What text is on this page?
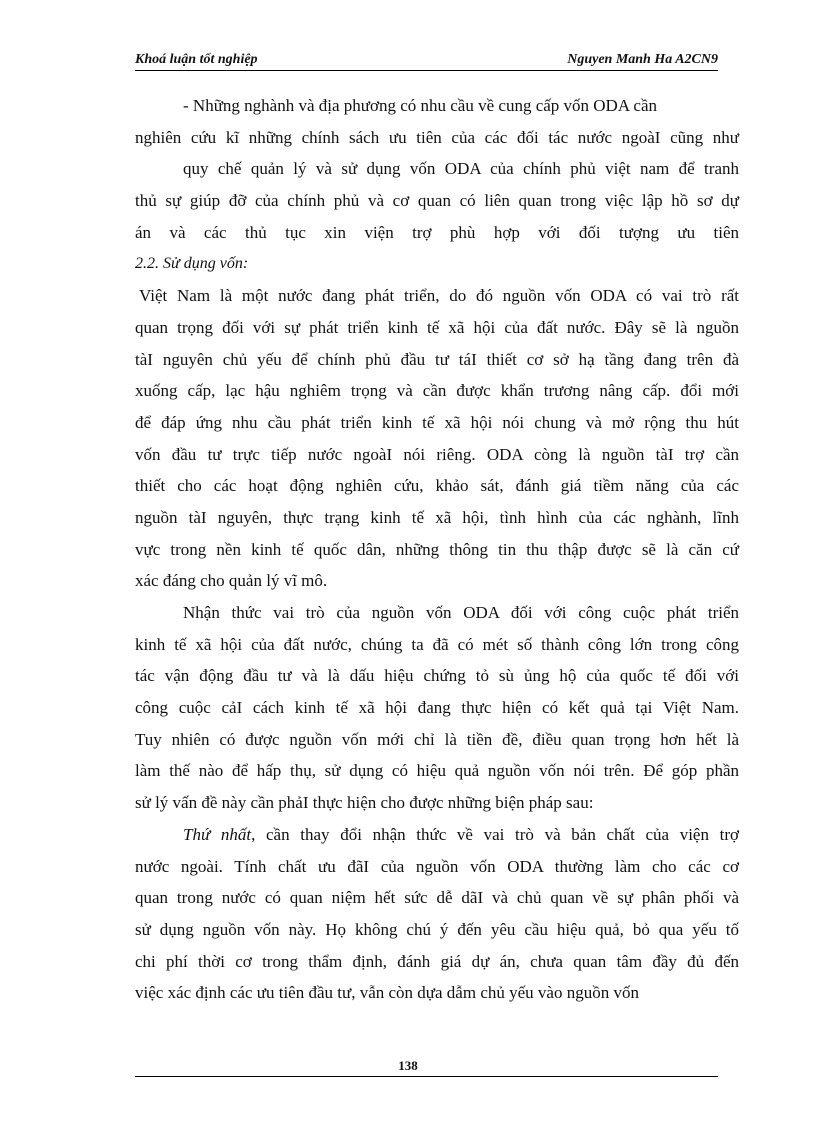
Khoá luận tốt nghiệp	Nguyen Manh Ha A2CN9
- Những nghành và địa phương có nhu cầu về cung cấp vốn ODA cần
nghiên cứu kĩ những chính sách ưu tiên của các đối tác nước ngoàI cũng như
quy chế quản lý và sử dụng vốn ODA của chính phủ việt nam để tranh
thủ sự giúp đỡ của chính phủ và cơ quan có liên quan trong việc lập hồ sơ dự
án và các thủ tục xin viện trợ phù hợp với đối tượng ưu tiên
2.2. Sử dụng vốn:
Việt Nam là một nước đang phát triển, do đó nguồn vốn ODA có vai trò rất
quan trọng đối với sự phát triển kinh tế xã hội của đất nước. Đây sẽ là nguồn
tàI nguyên chủ yếu để chính phủ đầu tư táI thiết cơ sở hạ tầng đang trên đà
xuống cấp, lạc hậu nghiêm trọng và cần được khẩn trương nâng cấp. đổi mới
để đáp ứng nhu cầu phát triển kinh tế xã hội nói chung và mở rộng thu hút
vốn đầu tư trực tiếp nước ngoàI nói riêng. ODA còng là nguồn tàI trợ cần
thiết cho các hoạt động nghiên cứu, khảo sát, đánh giá tiềm năng của các
nguồn tàI nguyên, thực trạng kinh tế xã hội, tình hình của các nghành, lĩnh
vực trong nền kinh tế quốc dân, những thông tin thu thập được sẽ là căn cứ
xác đáng cho quản lý vĩ mô.
Nhận thức vai trò của nguồn vốn ODA đối với công cuộc phát triển
kinh tế xã hội của đất nước, chúng ta đã có mét số thành công lớn trong công
tác vận động đầu tư và là dấu hiệu chứng tỏ sù ủng hộ của quốc tế đối với
công cuộc cảI cách kinh tế xã hội đang thực hiện có kết quả tại Việt Nam.
Tuy nhiên có được nguồn vốn mới chỉ là tiền đề, điều quan trọng hơn hết là
làm thế nào để hấp thụ, sử dụng có hiệu quả nguồn vốn nói trên. Để góp phần
sử lý vấn đề này cần phảI thực hiện cho được những biện pháp sau:
Thứ nhất, cần thay đổi nhận thức về vai trò và bản chất của viện trợ
nước ngoài. Tính chất ưu đãI của nguồn vốn ODA thường làm cho các cơ
quan trong nước có quan niệm hết sức dễ dãI và chủ quan về sự phân phối và
sử dụng nguồn vốn này. Họ không chú ý đến yêu cầu hiệu quả, bỏ qua yếu tố
chi phí thời cơ trong thẩm định, đánh giá dự án, chưa quan tâm đầy đủ đến
việc xác định các ưu tiên đầu tư, vẫn còn dựa dẫm chủ yếu vào nguồn vốn
138
